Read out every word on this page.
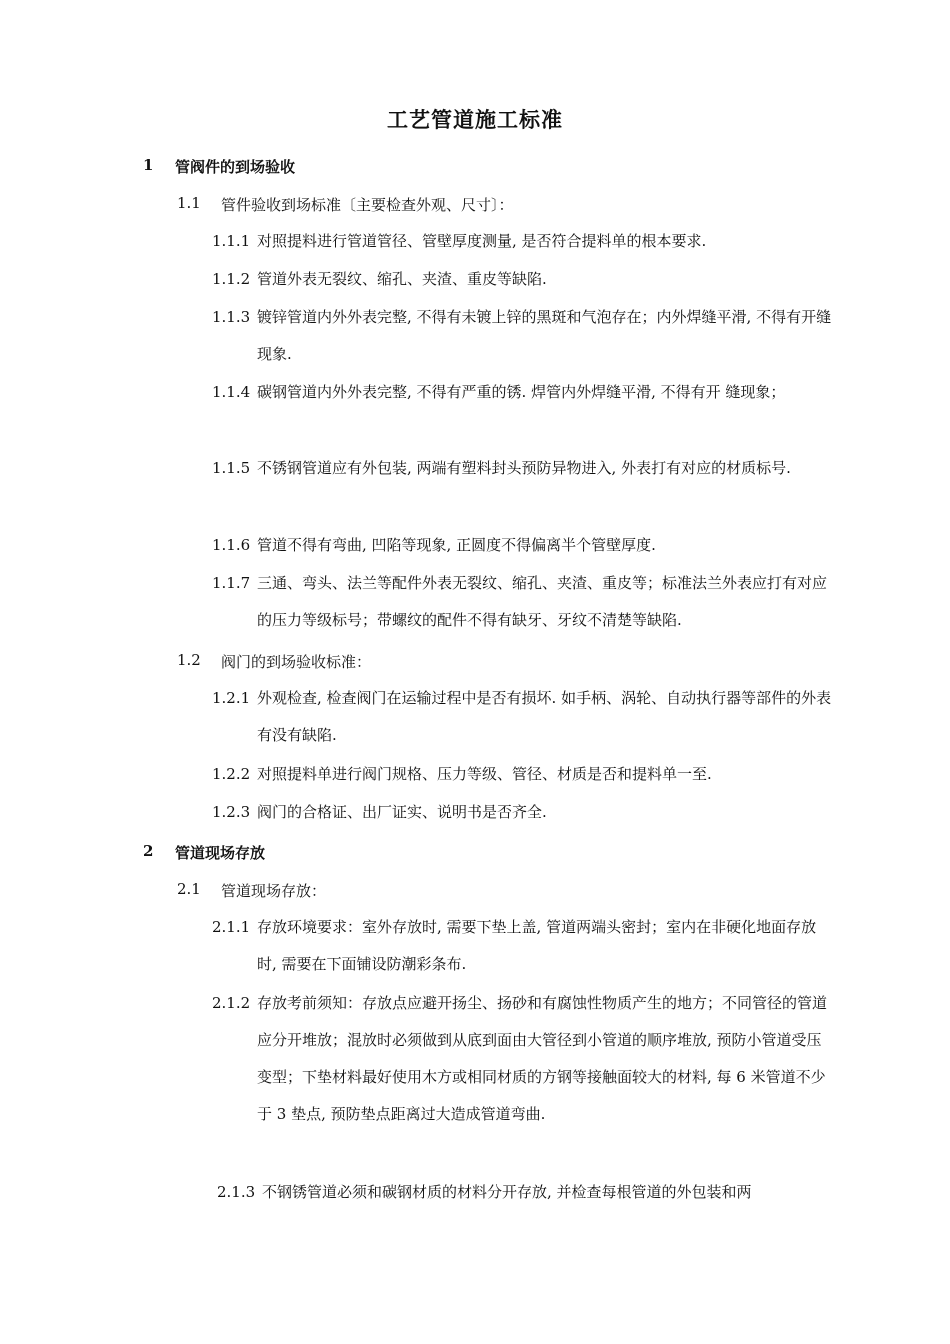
工艺管道施工标准
1 管阀件的到场验收
1.1 管件验收到场标准〔主要检查外观、尺寸〕：
1.1.1 对照提料进行管道管径、管壁厚度测量, 是否符合提料单的根本要求.
1.1.2 管道外表无裂纹、缩孔、夹渣、重皮等缺陷.
1.1.3 镀锌管道内外外表完整, 不得有未镀上锌的黑斑和气泡存在；内外焊缝平滑, 不得有开缝现象.
1.1.4 碳钢管道内外外表完整, 不得有严重的锈. 焊管内外焊缝平滑, 不得有开 缝现象；
1.1.5 不锈钢管道应有外包装, 两端有塑料封头预防异物进入, 外表打有对应的材质标号.
1.1.6 管道不得有弯曲, 凹陷等现象, 正圆度不得偏离半个管壁厚度.
1.1.7 三通、弯头、法兰等配件外表无裂纹、缩孔、夹渣、重皮等；标准法兰外表应打有对应的压力等级标号；带螺纹的配件不得有缺牙、牙纹不清楚等缺陷.
1.2 阀门的到场验收标准：
1.2.1 外观检查, 检查阀门在运输过程中是否有损坏. 如手柄、涡轮、自动执行器等部件的外表有没有缺陷.
1.2.2 对照提料单进行阀门规格、压力等级、管径、材质是否和提料单一至.
1.2.3 阀门的合格证、出厂证实、说明书是否齐全.
2 管道现场存放
2.1 管道现场存放：
2.1.1 存放环境要求：室外存放时, 需要下垫上盖, 管道两端头密封；室内在非硬化地面存放时, 需要在下面铺设防潮彩条布.
2.1.2 存放考前须知：存放点应避开扬尘、扬砂和有腐蚀性物质产生的地方；不同管径的管道应分开堆放；混放时必须做到从底到面由大管径到小管道的顺序堆放, 预防小管道受压变型；下垫材料最好使用木方或相同材质的方钢等接触面较大的材料, 每 6 米管道不少于 3 垫点, 预防垫点距离过大造成管道弯曲.
2.1.3 不钢锈管道必须和碳钢材质的材料分开存放, 并检查每根管道的外包装和两
